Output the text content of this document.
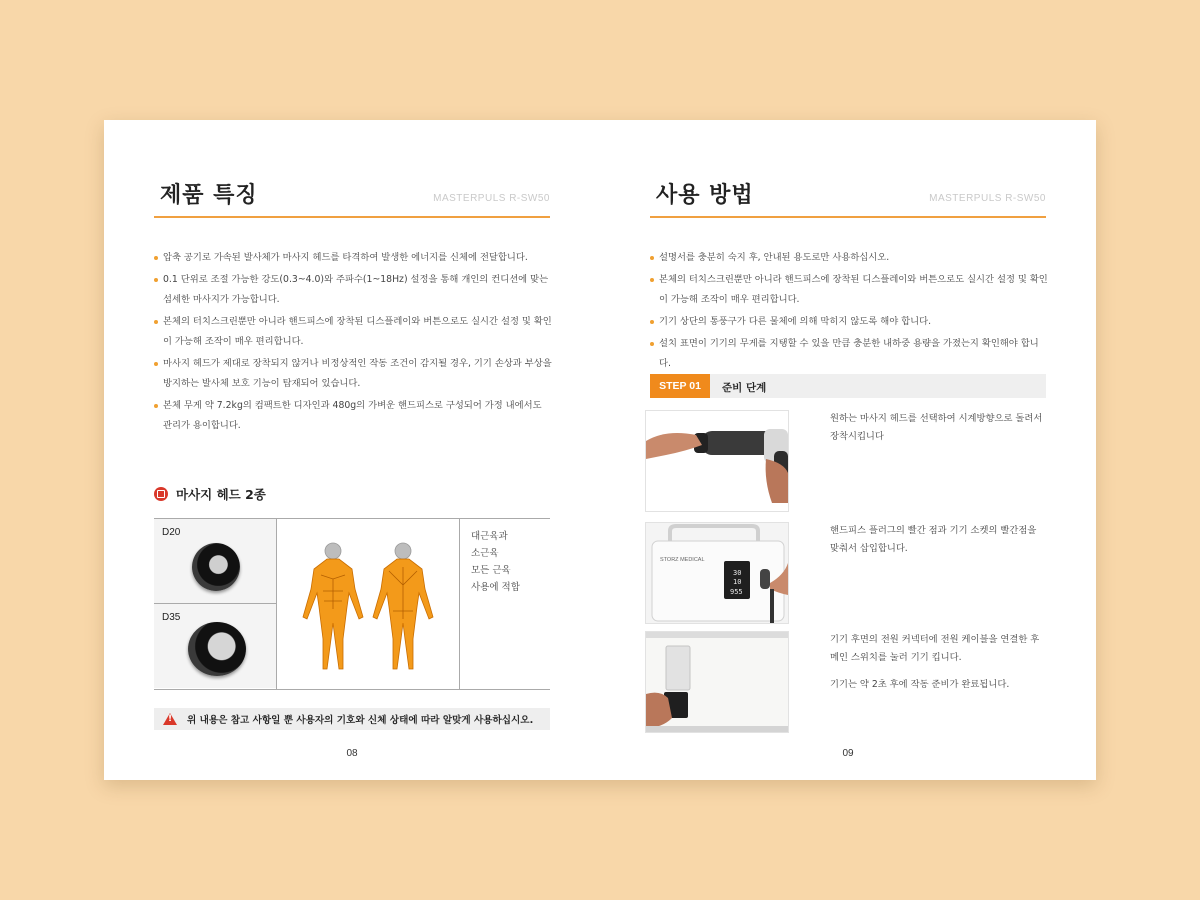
제품 특징	MASTERPULS R-SW50
압축 공기로 가속된 발사체가 마사지 헤드를 타격하여 발생한 에너지를 신체에 전달합니다.
0.1 단위로 조절 가능한 강도(0.3~4.0)와 주파수(1~18Hz) 설정을 통해 개인의 컨디션에 맞는 섬세한 마사지가 가능합니다.
본체의 터치스크린뿐만 아니라 핸드피스에 장착된 디스플레이와 버튼으로도 실시간 설정 및 확인이 가능해 조작이 매우 편리합니다.
마사지 헤드가 제대로 장착되지 않거나 비정상적인 작동 조건이 감지될 경우, 기기 손상과 부상을 방지하는 발사체 보호 기능이 탑재되어 있습니다.
본체 무게 약 7.2kg의 컴팩트한 디자인과 480g의 가벼운 핸드피스로 구성되어 가정 내에서도 관리가 용이합니다.
마사지 헤드 2종
D20
D35
대근육과
소근육
모든 근육
사용에 적합
!
위 내용은 참고 사항일 뿐 사용자의 기호와 신체 상태에 따라 알맞게 사용하십시오.
08
사용 방법	MASTERPULS R-SW50
설명서를 충분히 숙지 후, 안내된 용도로만 사용하십시오.
본체의 터치스크린뿐만 아니라 핸드피스에 장착된 디스플레이와 버튼으로도 실시간 설정 및 확인이 가능해 조작이 매우 편리합니다.
기기 상단의 통풍구가 다른 물체에 의해 막히지 않도록 해야 합니다.
설치 표면이 기기의 무게를 지탱할 수 있을 만큼 충분한 내하중 용량을 가졌는지 확인해야 합니다.
STEP 01	준비 단계

원하는 마사지 헤드를 선택하여 시계방향으로 돌려서 장착시킵니다

STORZ MEDICAL
30
10
955

핸드피스 플러그의 빨간 점과 기기 소켓의 빨간점을 맞춰서 삽입합니다.

기기 후면의 전원 커넥터에 전원 케이블을 연결한 후 메인 스위치를 눌러 기기 킵니다.

기기는 약 2초 후에 작동 준비가 완료됩니다.

09
